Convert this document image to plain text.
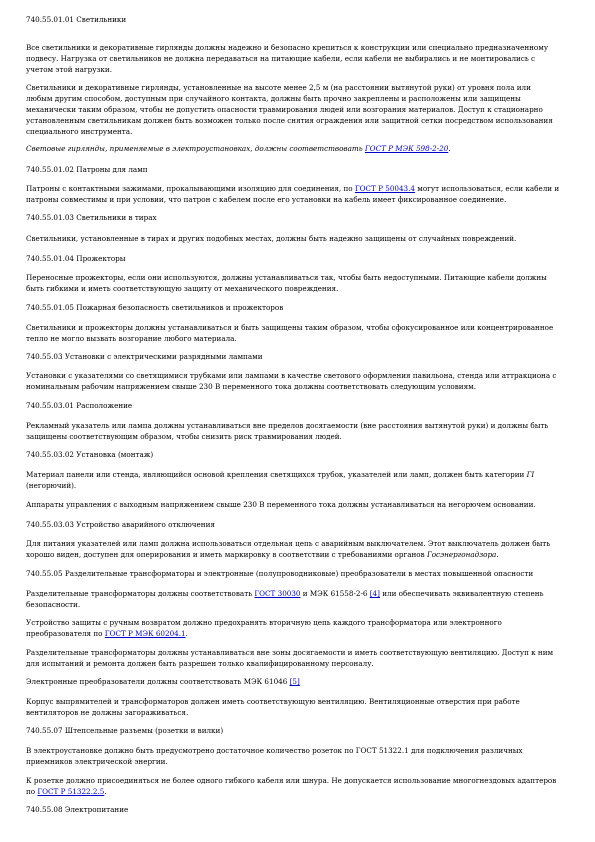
740.55.01.01 Светильники
Все светильники и декоративные гирлянды должны надежно и безопасно крепиться к конструкции или специально предназначенному
подвесу. Нагрузка от светильников не должна передаваться на питающие кабели, если кабели не выбирались и не монтировались с
учетом этой нагрузки.
Светильники и декоративные гирлянды, установленные на высоте менее 2,5 м (на расстоянии вытянутой руки) от уровня пола или
любым другим способом, доступным при случайного контакта, должны быть прочно закреплены и расположены или защищены
механически таким образом, чтобы не допустить опасности травмирования людей или возгорания материалов. Доступ к стационарно
установленным светильникам должен быть возможен только после снятия ограждения или защитной сетки посредством использования
специального инструмента.
Световые гирлянды, применяемые в электроустановках, должны соответствовать ГОСТ Р МЭК 598-2-20.
740.55.01.02 Патроны для ламп
Патроны с контактными зажимами, прокалывающими изоляцию для соединения, по ГОСТ Р 50043.4 могут использоваться, если кабели и
патроны совместимы и при условии, что патрон с кабелем после его установки на кабель имеет фиксированное соединение.
740.55.01.03 Светильники в тирах
Светильники, установленные в тирах и других подобных местах, должны быть надежно защищены от случайных повреждений.
740.55.01.04 Прожекторы
Переносные прожекторы, если они используются, должны устанавливаться так, чтобы быть недоступными. Питающие кабели должны
быть гибкими и иметь соответствующую защиту от механического повреждения.
740.55.01.05 Пожарная безопасность светильников и прожекторов
Светильники и прожекторы должны устанавливаться и быть защищены таким образом, чтобы сфокусированное или концентрированное
тепло не могло вызвать возгорание любого материала.
740.55.03 Установки с электрическими разрядными лампами
Установки с указателями со светящимися трубками или лампами в качестве светового оформления павильона, стенда или аттракциона с
номинальным рабочим напряжением свыше 230 В переменного тока должны соответствовать следующим условиям.
740.55.03.01 Расположение
Рекламный указатель или лампа должны устанавливаться вне пределов досягаемости (вне расстояния вытянутой руки) и должны быть
защищены соответствующим образом, чтобы снизить риск травмирования людей.
740.55.03.02 Установка (монтаж)
Материал панели или стенда, являющийся основой крепления светящихся трубок, указателей или ламп, должен быть категории ГI
(негорючий).
Аппараты управления с выходным напряжением свыше 230 В переменного тока должны устанавливаться на негорючем основании.
740.55.03.03 Устройство аварийного отключения
Для питания указателей или ламп должна использоваться отдельная цепь с аварийным выключателем. Этот выключатель должен быть
хорошо виден, доступен для оперирования и иметь маркировку в соответствии с требованиями органов Госэнергонадзора.
740.55.05 Разделительные трансформаторы и электронные (полупроводниковые) преобразователи в местах повышенной опасности
Разделительные трансформаторы должны соответствовать ГОСТ 30030 и МЭК 61558-2-6 [4] или обеспечивать эквивалентную степень
безопасности.
Устройство защиты с ручным возвратом должно предохранять вторичную цепь каждого трансформатора или электронного
преобразователя по ГОСТ Р МЭК 60204.1.
Разделительные трансформаторы должны устанавливаться вне зоны досягаемости и иметь соответствующую вентиляцию. Доступ к ним
для испытаний и ремонта должен быть разрешен только квалифицированному персоналу.
Электронные преобразователи должны соответствовать МЭК 61046 [5]
Корпус выпрямителей и трансформаторов должен иметь соответствующую вентиляцию. Вентиляционные отверстия при работе
вентиляторов не должны загораживаться.
740.55.07 Штепсельные разъемы (розетки и вилки)
В электроустановке должно быть предусмотрено достаточное количество розеток по ГОСТ 51322.1 для подключения различных
приемников электрической энергии.
К розетке должно присоединяться не более одного гибкого кабеля или шнура. Не допускается использование многогнездовых адаптеров
по ГОСТ Р 51322.2.5.
740.55.08 Электропитание
